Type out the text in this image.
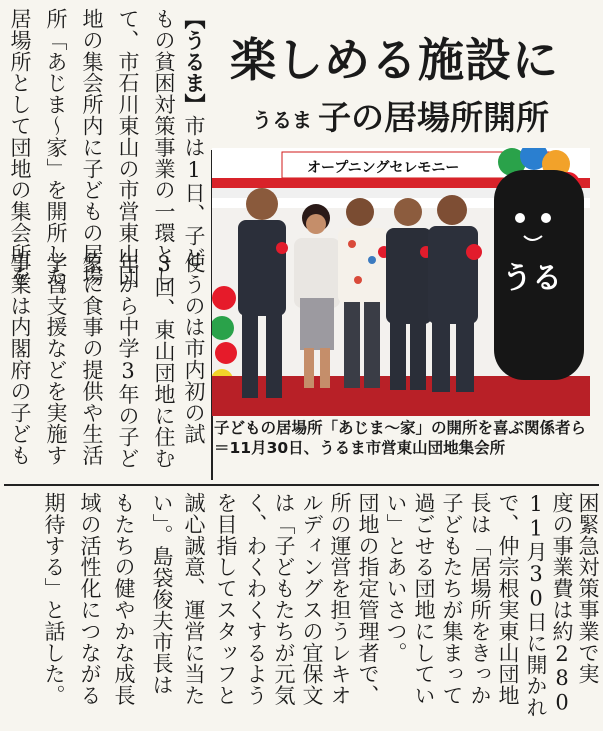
居場所として団地の集会所を 所「あじま～家」を開所した。 地の集会所内に子どもの居場 て、市石川東山の市営東山団 もの貧困対策事業の一環とし 【うるま】市は1日、子ど
事業は内閣府の子ども
学習支援などを実施す
象に食事の提供や生活
年から中学3年の子ど
3回、東山団地に住む
使うのは市内初の試
楽しめる施設に
うるま 子の居場所開所
オープニングセレモニー
うる
子どもの居場所「あじま～家」の開所を喜ぶ関係者ら＝11月30日、うるま市営東山団地集会所
期待する」と話した。 域の活性化につながる
もたちの健やかな成長
い」。島袋俊夫市長は
誠心誠意、運営に当た
を目指してスタッフと
く、わくわくするよう
は「子どもたちが元気
ルディングスの宜保文
所の運営を担うレキオ
団地の指定管理者で、
い」とあいさつ。 過ごせる団地にしてい
子どもたちが集まって
長は「居場所をきっか
で、仲宗根実東山団地
11月30日に開かれ
度の事業費は約280
困緊急対策事業で実
